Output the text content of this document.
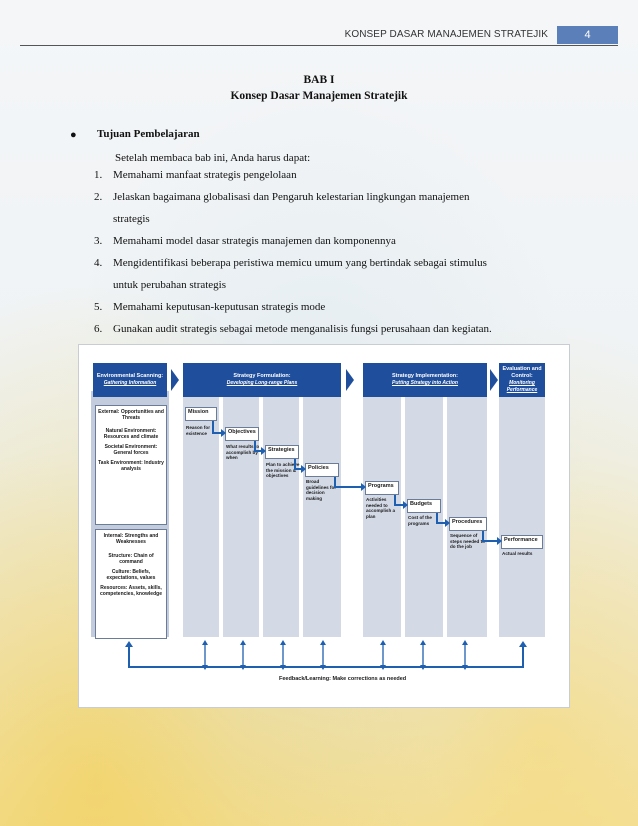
KONSEP DASAR MANAJEMEN STRATEJIK	4
BAB I
Konsep Dasar Manajemen Stratejik
● Tujuan Pembelajaran
Setelah membaca bab ini, Anda harus dapat:
1. Memahami manfaat strategis pengelolaan
2. Jelaskan bagaimana globalisasi dan Pengaruh kelestarian lingkungan manajemen
strategis
3. Memahami model dasar strategis manajemen dan komponennya
4. Mengidentifikasi beberapa peristiwa memicu umum yang bertindak sebagai stimulus
untuk perubahan strategis
5. Memahami keputusan-keputusan strategis mode
6. Gunakan audit strategis sebagai metode menganalisis fungsi perusahaan dan kegiatan.
Environmental Scanning:
Gathering Information
Strategy Formulation:
Developing Long-range Plans
Strategy Implementation:
Putting Strategy into Action
Evaluation and Control:
Monitoring Performance
External: Opportunities and Threats
Natural Environment: Resources and climate
Societal Environment: General forces
Task Environment: Industry analysis
Internal: Strengths and Weaknesses
Structure: Chain of command
Culture: Beliefs, expectations, values
Resources: Assets, skills, competencies, knowledge
Mission
Reason for existence	Objectives
What results to accomplish by when
Strategies
Plan to achieve the mission & objectives
Policies
Broad guidelines for decision making
Programs
Activities needed to accomplish a plan
Budgets
Cost of the programs	Procedures
Sequence of steps needed to do the job
Performance
Actual results
Feedback/Learning: Make corrections as needed
